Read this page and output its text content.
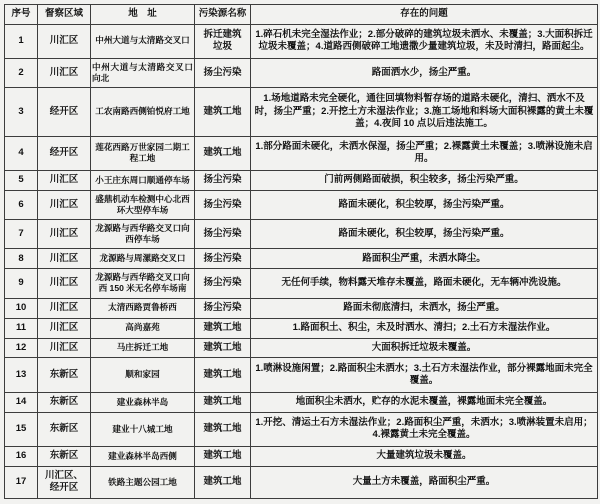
序号	督察区域	地　址	污染源名称	存在的问题
1	川汇区	中州大道与太清路交叉口	拆迁建筑垃圾	1.碎石机未完全湿法作业；2.部分破碎的建筑垃圾未洒水、未覆盖；3.大面积拆迁垃圾未覆盖；4.道路西侧破碎工地遗撒少量建筑垃圾，未及时清扫，路面起尘。
2	川汇区	中州大道与太清路交叉口向北	扬尘污染	路面洒水少，扬尘严重。
3	经开区	工农南路西侧铂悦府工地	建筑工地	1.场地道路未完全硬化，通往回填物料暂存场的道路未硬化，清扫、洒水不及时，扬尘严重；2.开挖土方未湿法作业；3.施工场地和料场大面积裸露的黄土未覆盖；4.夜间 10 点以后违法施工。
4	经开区	莲花西路万世家园二期工程工地	建筑工地	1.部分路面未硬化，未洒水保湿，扬尘严重；2.裸露黄土未覆盖；3.喷淋设施未启用。
5	川汇区	小王庄东周口顺通停车场	扬尘污染	门前两侧路面破损，积尘较多，扬尘污染严重。
6	川汇区	盛鼎机动车检测中心北西环大型停车场	扬尘污染	路面未硬化，积尘较厚，扬尘污染严重。
7	川汇区	龙源路与西华路交叉口向西停车场	扬尘污染	路面未硬化，积尘较厚，扬尘污染严重。
8	川汇区	龙源路与周漯路交叉口	扬尘污染	路面积尘严重，未洒水降尘。
9	川汇区	龙源路与西华路交叉口向西 150 米无名停车场南	扬尘污染	无任何手续，物料露天堆存未覆盖，路面未硬化，无车辆冲洗设施。
10	川汇区	太清西路贾鲁桥西	扬尘污染	路面未彻底清扫，未洒水，扬尘严重。
11	川汇区	高尚嘉苑	建筑工地	1.路面积土、积尘，未及时洒水、清扫；2.土石方未湿法作业。
12	川汇区	马庄拆迁工地	建筑工地	大面积拆迁垃圾未覆盖。
13	东新区	顺和家园	建筑工地	1.喷淋设施闲置；2.路面积尘未洒水；3.土石方未湿法作业，部分裸露地面未完全覆盖。
14	东新区	建业森林半岛	建筑工地	地面积尘未洒水，贮存的水泥未覆盖，裸露地面未完全覆盖。
15	东新区	建业十八城工地	建筑工地	1.开挖、清运土石方未湿法作业；2.路面积尘严重，未洒水；3.喷淋装置未启用；4.裸露黄土未完全覆盖。
16	东新区	建业森林半岛西侧	建筑工地	大量建筑垃圾未覆盖。
17	川汇区、经开区	铁路主题公园工地	建筑工地	大量土方未覆盖，路面积尘严重。
